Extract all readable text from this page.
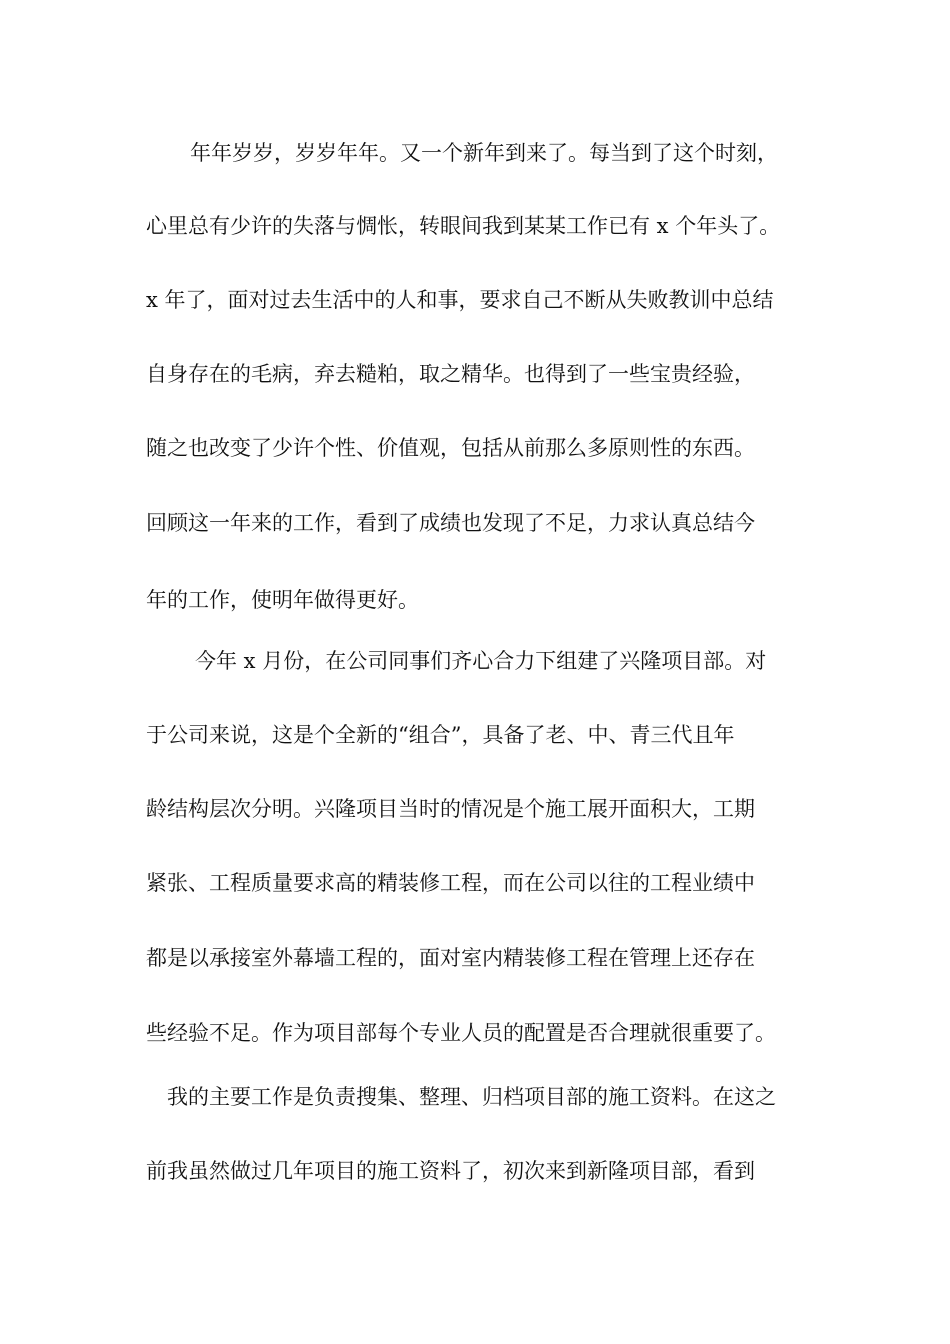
年年岁岁，岁岁年年。又一个新年到来了。每当到了这个时刻，
心里总有少许的失落与惆怅，转眼间我到某某工作已有 x 个年头了。
x 年了，面对过去生活中的人和事，要求自己不断从失败教训中总结
自身存在的毛病，弃去糙粕，取之精华。也得到了一些宝贵经验，
随之也改变了少许个性、价值观，包括从前那么多原则性的东西。
回顾这一年来的工作，看到了成绩也发现了不足，力求认真总结今
年的工作，使明年做得更好。
今年 x 月份，在公司同事们齐心合力下组建了兴隆项目部。对
于公司来说，这是个全新的“组合”，具备了老、中、青三代且年
龄结构层次分明。兴隆项目当时的情况是个施工展开面积大，工期
紧张、工程质量要求高的精装修工程，而在公司以往的工程业绩中
都是以承接室外幕墙工程的，面对室内精装修工程在管理上还存在
些经验不足。作为项目部每个专业人员的配置是否合理就很重要了。
我的主要工作是负责搜集、整理、归档项目部的施工资料。在这之
前我虽然做过几年项目的施工资料了，初次来到新隆项目部，看到
